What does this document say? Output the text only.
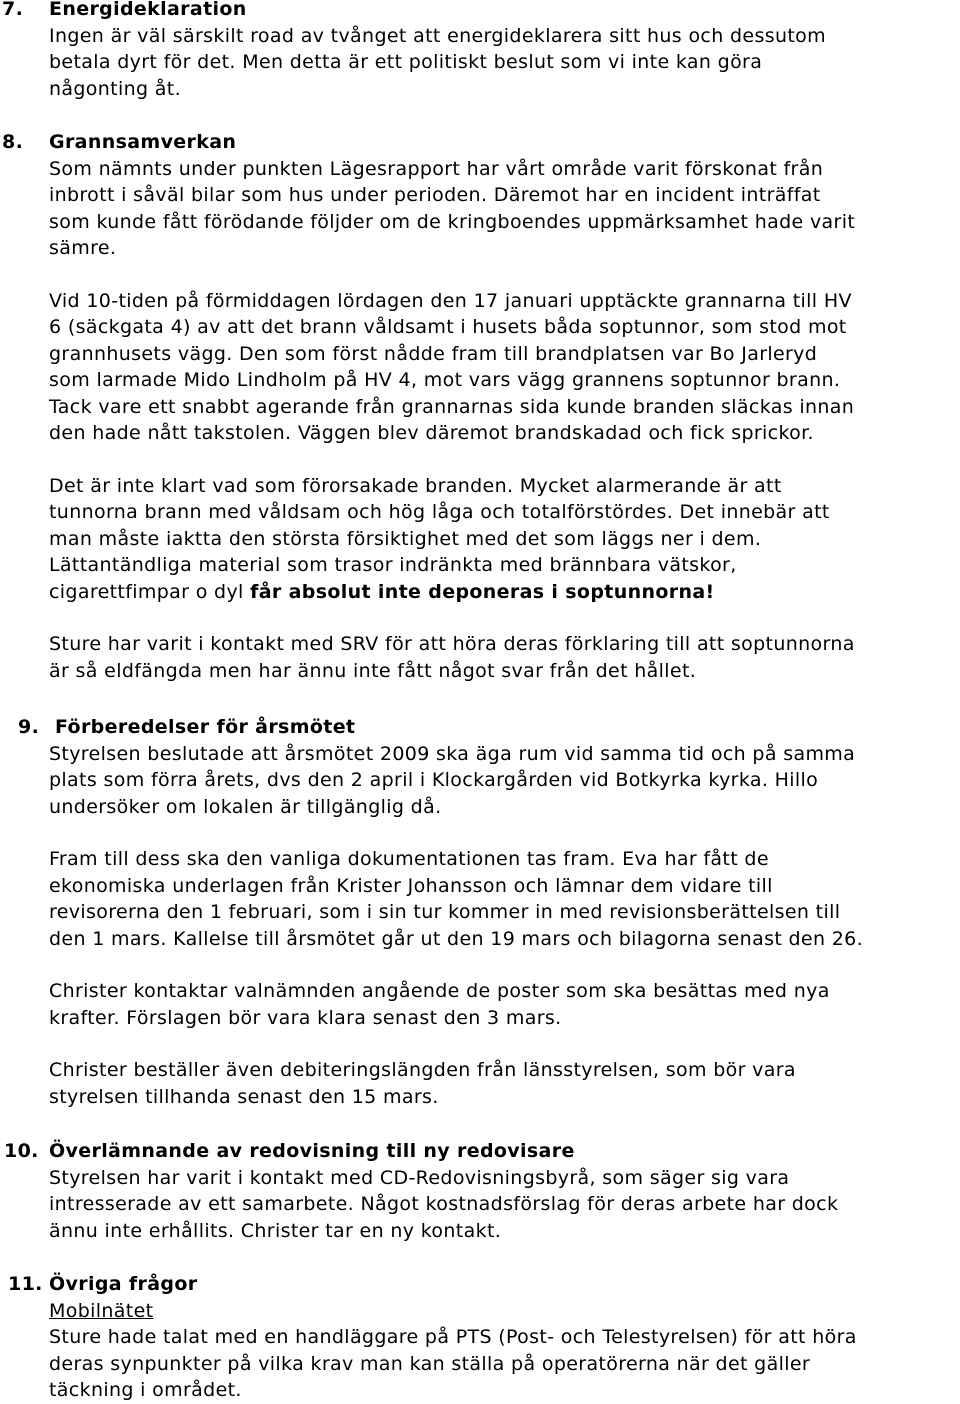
7. Energideklaration
Ingen är väl särskilt road av tvånget att energideklarera sitt hus och dessutom
betala dyrt för det. Men detta är ett politiskt beslut som vi inte kan göra
någonting åt.
8. Grannsamverkan
Som nämnts under punkten Lägesrapport har vårt område varit förskonat från
inbrott i såväl bilar som hus under perioden. Däremot har en incident inträffat
som kunde fått förödande följder om de kringboendes uppmärksamhet hade varit
sämre.
Vid 10-tiden på förmiddagen lördagen den 17 januari upptäckte grannarna till HV
6 (säckgata 4) av att det brann våldsamt i husets båda soptunnor, som stod mot
grannhusets vägg. Den som först nådde fram till brandplatsen var Bo Jarleryd
som larmade Mido Lindholm på HV 4, mot vars vägg grannens soptunnor brann.
Tack vare ett snabbt agerande från grannarnas sida kunde branden släckas innan
den hade nått takstolen. Väggen blev däremot brandskadad och fick sprickor.
Det är inte klart vad som förorsakade branden. Mycket alarmerande är att
tunnorna brann med våldsam och hög låga och totalförstördes. Det innebär att
man måste iaktta den största försiktighet med det som läggs ner i dem.
Lättantändliga material som trasor indränkta med brännbara vätskor,
cigarettfimpar o dyl får absolut inte deponeras i soptunnorna!
Sture har varit i kontakt med SRV för att höra deras förklaring till att soptunnorna
är så eldfängda men har ännu inte fått något svar från det hållet.
9. Förberedelser för årsmötet
Styrelsen beslutade att årsmötet 2009 ska äga rum vid samma tid och på samma
plats som förra årets, dvs den 2 april i Klockargården vid Botkyrka kyrka. Hillo
undersöker om lokalen är tillgänglig då.
Fram till dess ska den vanliga dokumentationen tas fram. Eva har fått de
ekonomiska underlagen från Krister Johansson och lämnar dem vidare till
revisorerna den 1 februari, som i sin tur kommer in med revisionsberättelsen till
den 1 mars. Kallelse till årsmötet går ut den 19 mars och bilagorna senast den 26.
Christer kontaktar valnämnden angående de poster som ska besättas med nya
krafter. Förslagen bör vara klara senast den 3 mars.
Christer beställer även debiteringslängden från länsstyrelsen, som bör vara
styrelsen tillhanda senast den 15 mars.
10. Överlämnande av redovisning till ny redovisare
Styrelsen har varit i kontakt med CD-Redovisningsbyrå, som säger sig vara
intresserade av ett samarbete. Något kostnadsförslag för deras arbete har dock
ännu inte erhållits. Christer tar en ny kontakt.
11. Övriga frågor
Mobilnätet
Sture hade talat med en handläggare på PTS (Post- och Telestyrelsen) för att höra
deras synpunkter på vilka krav man kan ställa på operatörerna när det gäller
täckning i området.
